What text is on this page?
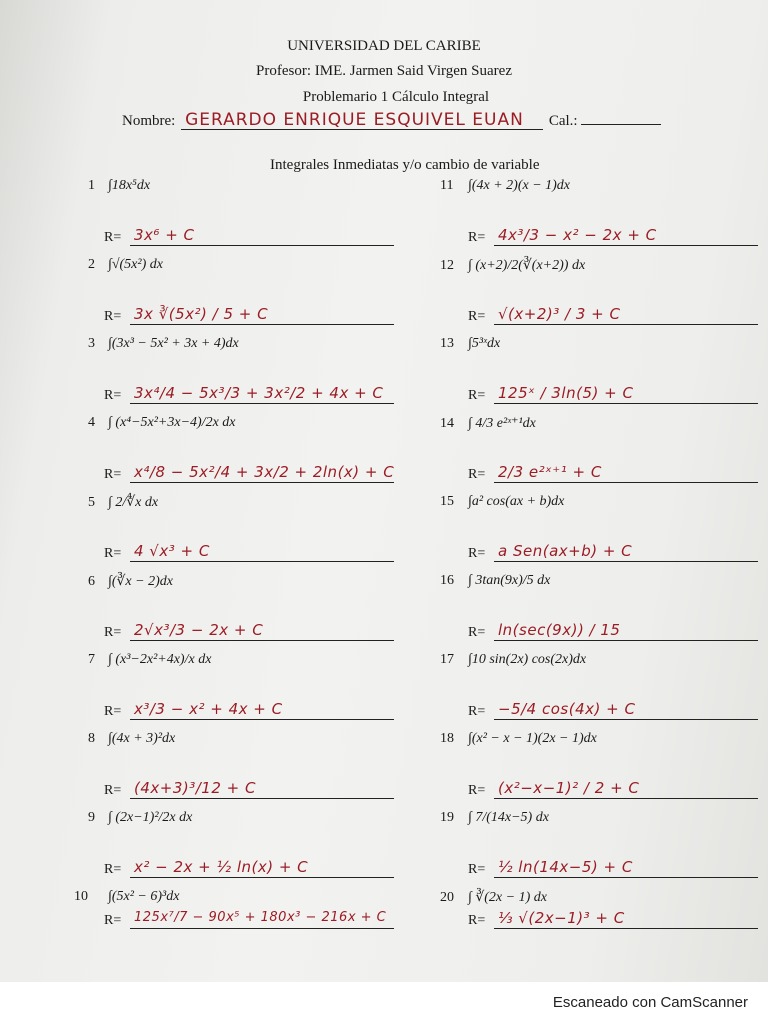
UNIVERSIDAD DEL CARIBE
Profesor: IME. Jarmen Said Virgen Suarez
Problemario 1 Cálculo Integral
Nombre: GERARDO ENRIQUE ESQUIVEL EUAN Cal.:
Integrales Inmediatas y/o cambio de variable
1 ∫18x⁵dx
R= 3x⁶ + C
2 ∫√(5x²) dx
R= 3x ∛(5x²) / 5 + C
3 ∫(3x³ − 5x² + 3x + 4)dx
R= 3x⁴/4 − 5x³/3 + 3x²/2 + 4x + C
4 ∫ (x⁴−5x²+3x−4)/2x dx
R= x⁴/8 − 5x²/4 + 3x/2 + 2ln(x) + C
5 ∫ 2/∜x dx
R= 4 √x³ + C
6 ∫(∛x − 2)dx
R= 2√x³/3 − 2x + C
7 ∫ (x³−2x²+4x)/x dx
R= x³/3 − x² + 4x + C
8 ∫(4x + 3)²dx
R= (4x+3)³/12 + C
9 ∫ (2x−1)²/2x dx
R= x² − 2x + ½ ln(x) + C
10 ∫(5x² − 6)³dx
R= 125x⁷/7 − 90x⁵ + 180x³ − 216x + C
11 ∫(4x + 2)(x − 1)dx
R= 4x³/3 − x² − 2x + C
12 ∫ (x+2)/2(∛(x+2)) dx
R= √(x+2)³ / 3 + C
13 ∫5³ˣdx
R= 125ˣ / 3ln(5) + C
14 ∫ 4/3 e²ˣ⁺¹dx
R= 2/3 e²ˣ⁺¹ + C
15 ∫a² cos(ax + b)dx
R= a Sen(ax+b) + C
16 ∫ 3tan(9x)/5 dx
R= ln(sec(9x)) / 15
17 ∫10 sin(2x) cos(2x)dx
R= −5/4 cos(4x) + C
18 ∫(x² − x − 1)(2x − 1)dx
R= (x²−x−1)² / 2 + C
19 ∫ 7/(14x−5) dx
R= ½ ln(14x−5) + C
20 ∫ ∛(2x − 1) dx
R= ⅓ √(2x−1)³ + C
Escaneado con CamScanner
